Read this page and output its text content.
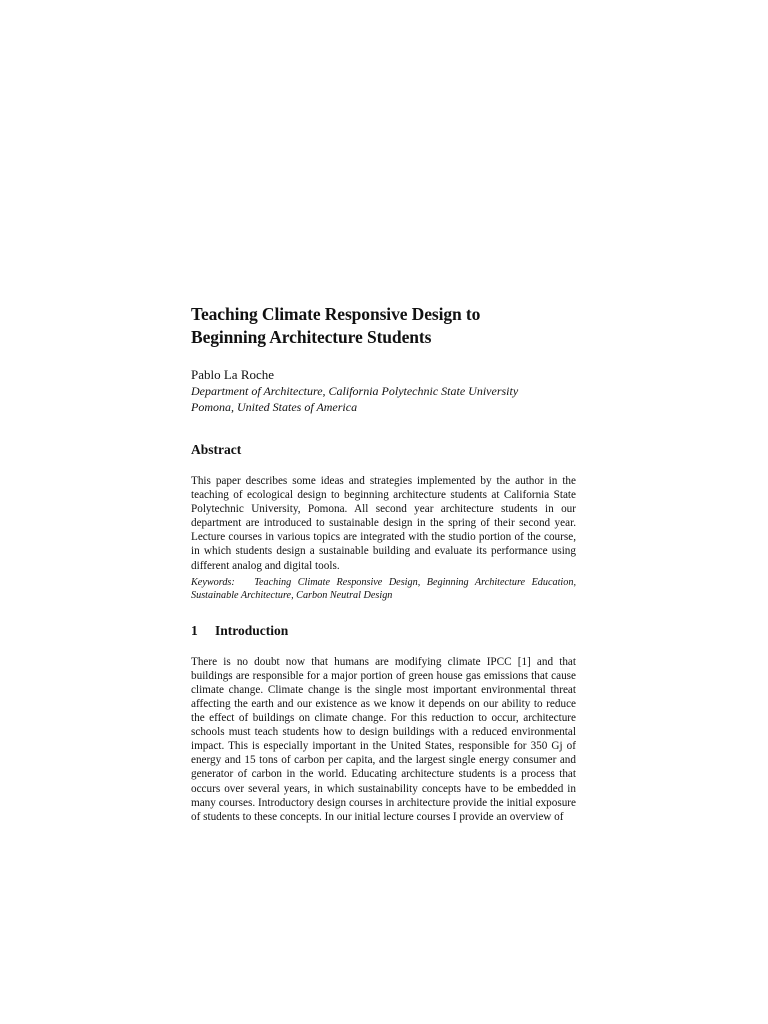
Teaching Climate Responsive Design to
Beginning Architecture Students
Pablo La Roche
Department of Architecture, California Polytechnic State University
Pomona, United States of America
Abstract

This paper describes some ideas and strategies implemented by the author in the teaching of ecological design to beginning architecture students at California State Polytechnic University, Pomona. All second year architecture students in our department are introduced to sustainable design in the spring of their second year. Lecture courses in various topics are integrated with the studio portion of the course, in which students design a sustainable building and evaluate its performance using different analog and digital tools.

Keywords: Teaching Climate Responsive Design, Beginning Architecture Education, Sustainable Architecture, Carbon Neutral Design

1	Introduction

There is no doubt now that humans are modifying climate IPCC [1] and that buildings are responsible for a major portion of green house gas emissions that cause climate change. Climate change is the single most important environmental threat affecting the earth and our existence as we know it depends on our ability to reduce the effect of buildings on climate change. For this reduction to occur, architecture schools must teach students how to design buildings with a reduced environmental impact. This is especially important in the United States, responsible for 350 Gj of energy and 15 tons of carbon per capita, and the largest single energy consumer and generator of carbon in the world. Educating architecture students is a process that occurs over several years, in which sustainability concepts have to be embedded in many courses. Introductory design courses in architecture provide the initial exposure of students to these concepts. In our initial lecture courses I provide an overview of
